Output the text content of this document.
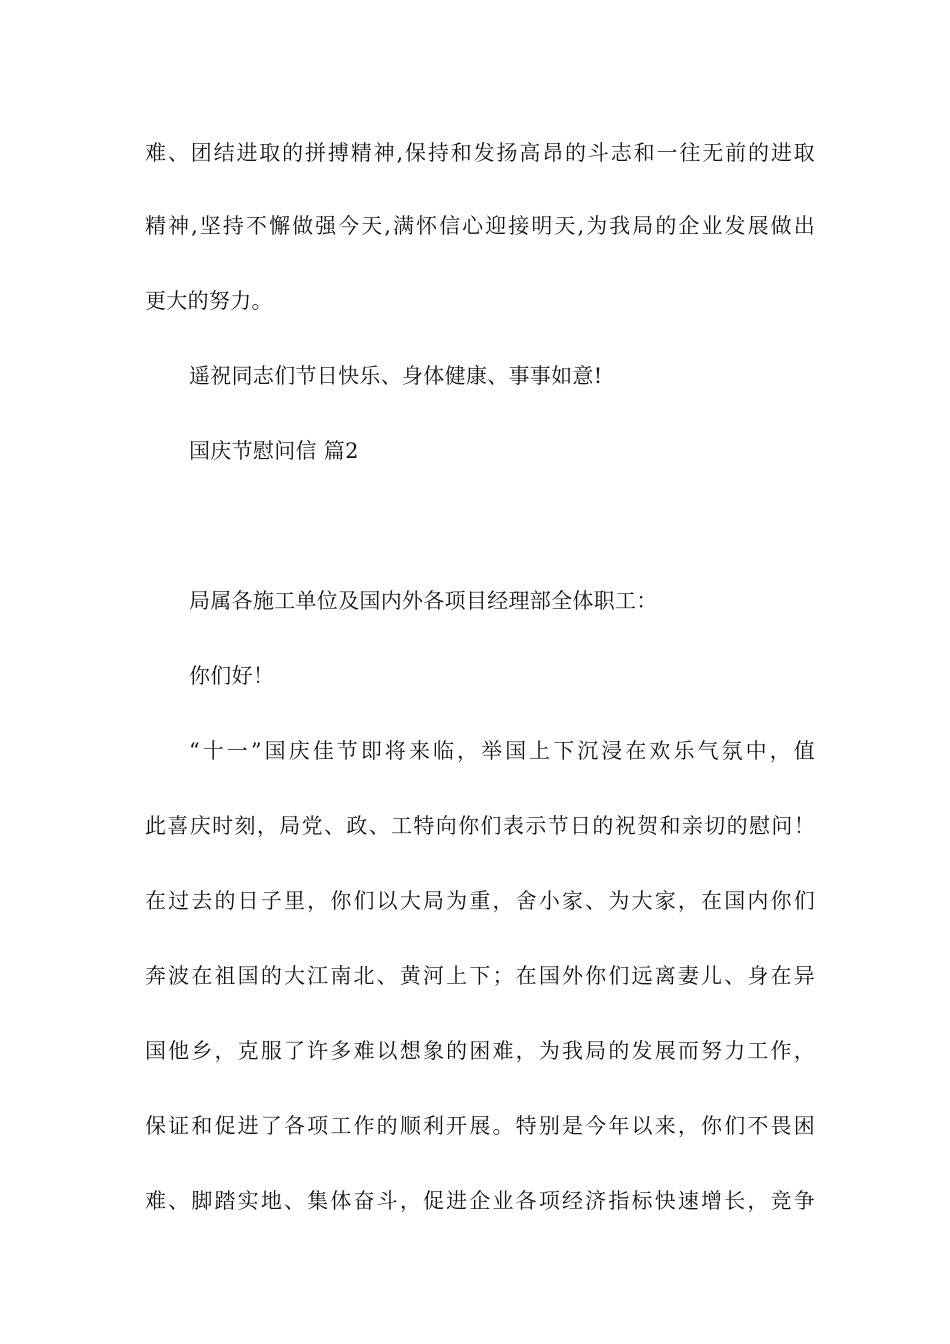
难、团结进取的拼搏精神,保持和发扬高昂的斗志和一往无前的进取
精神,坚持不懈做强今天,满怀信心迎接明天,为我局的企业发展做出
更大的努力。
遥祝同志们节日快乐、身体健康、事事如意!
国庆节慰问信 篇2
局属各施工单位及国内外各项目经理部全体职工：
你们好！
“十一”国庆佳节即将来临，举国上下沉浸在欢乐气氛中，值
此喜庆时刻，局党、政、工特向你们表示节日的祝贺和亲切的慰问！
在过去的日子里，你们以大局为重，舍小家、为大家，在国内你们
奔波在祖国的大江南北、黄河上下；在国外你们远离妻儿、身在异
国他乡，克服了许多难以想象的困难，为我局的发展而努力工作，
保证和促进了各项工作的顺利开展。特别是今年以来，你们不畏困
难、脚踏实地、集体奋斗，促进企业各项经济指标快速增长，竞争
